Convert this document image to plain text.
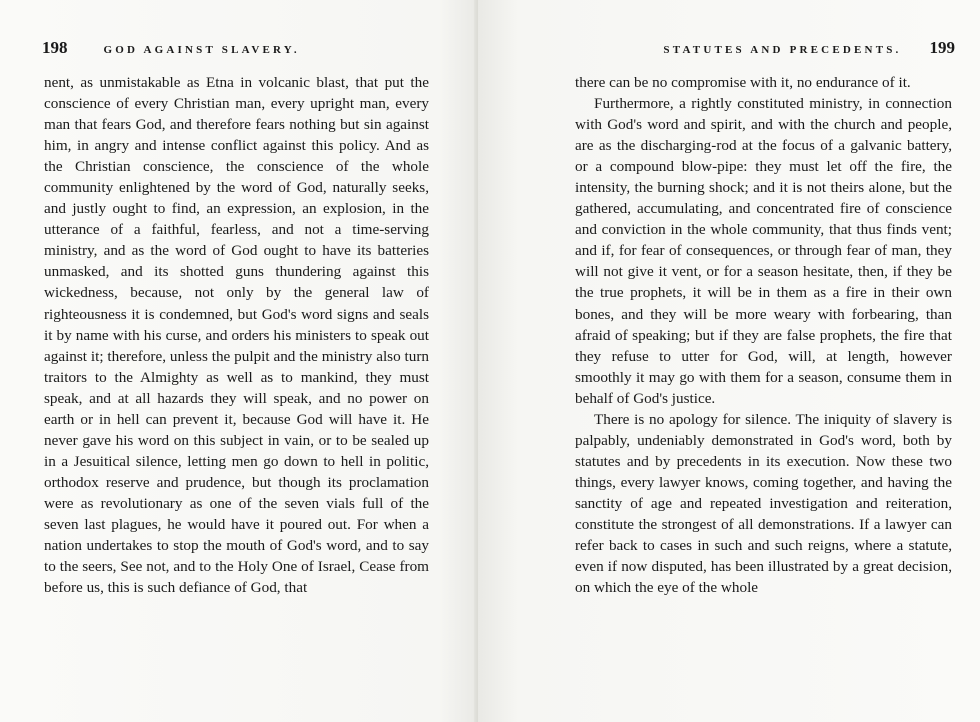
198	GOD AGAINST SLAVERY.

nent, as unmistakable as Etna in volcanic blast, that put the conscience of every Christian man, every upright man, every man that fears God, and therefore fears nothing but sin against him, in angry and intense conflict against this policy. And as the Christian conscience, the conscience of the whole community enlightened by the word of God, naturally seeks, and justly ought to find, an expression, an explosion, in the utterance of a faithful, fearless, and not a time-serving ministry, and as the word of God ought to have its batteries unmasked, and its shotted guns thundering against this wickedness, because, not only by the general law of righteousness it is condemned, but God's word signs and seals it by name with his curse, and orders his ministers to speak out against it; therefore, unless the pulpit and the ministry also turn traitors to the Almighty as well as to mankind, they must speak, and at all hazards they will speak, and no power on earth or in hell can prevent it, because God will have it. He never gave his word on this subject in vain, or to be sealed up in a Jesuitical silence, letting men go down to hell in politic, orthodox reserve and prudence, but though its proclamation were as revolutionary as one of the seven vials full of the seven last plagues, he would have it poured out. For when a nation undertakes to stop the mouth of God's word, and to say to the seers, See not, and to the Holy One of Israel, Cease from before us, this is such defiance of God, that

STATUTES AND PRECEDENTS. 199

there can be no compromise with it, no endurance of it.

Furthermore, a rightly constituted ministry, in connection with God's word and spirit, and with the church and people, are as the discharging-rod at the focus of a galvanic battery, or a compound blow-pipe: they must let off the fire, the intensity, the burning shock; and it is not theirs alone, but the gathered, accumulating, and concentrated fire of conscience and conviction in the whole community, that thus finds vent; and if, for fear of consequences, or through fear of man, they will not give it vent, or for a season hesitate, then, if they be the true prophets, it will be in them as a fire in their own bones, and they will be more weary with forbearing, than afraid of speaking; but if they are false prophets, the fire that they refuse to utter for God, will, at length, however smoothly it may go with them for a season, consume them in behalf of God's justice.

There is no apology for silence. The iniquity of slavery is palpably, undeniably demonstrated in God's word, both by statutes and by precedents in its execution. Now these two things, every lawyer knows, coming together, and having the sanctity of age and repeated investigation and reiteration, constitute the strongest of all demonstrations. If a lawyer can refer back to cases in such and such reigns, where a statute, even if now disputed, has been illustrated by a great decision, on which the eye of the whole
